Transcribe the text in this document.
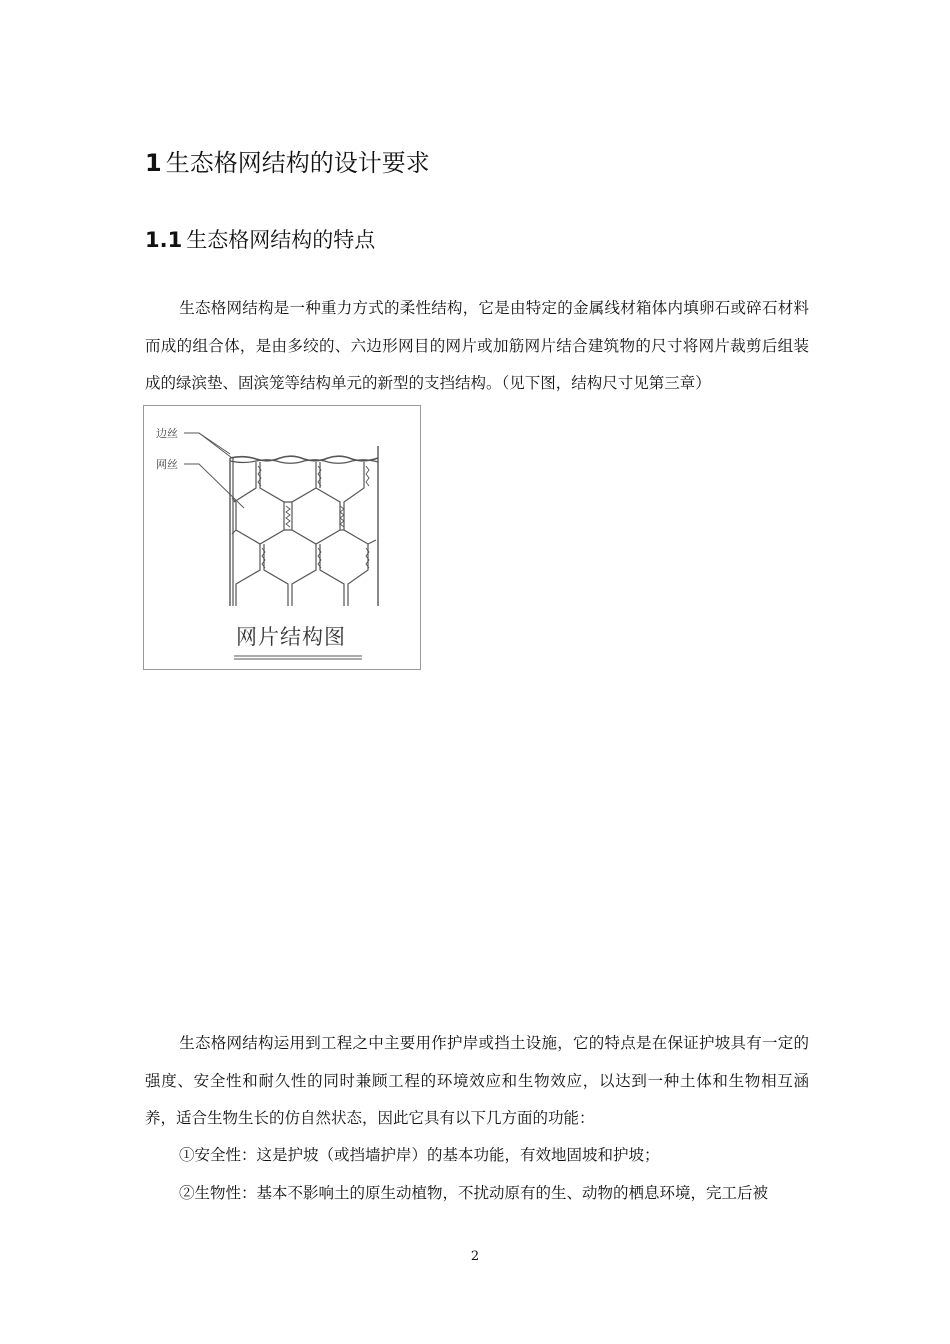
1 生态格网结构的设计要求
1.1 生态格网结构的特点
生态格网结构是一种重力方式的柔性结构，它是由特定的金属线材箱体内填卵石或碎石材料而成的组合体，是由多绞的、六边形网目的网片或加筋网片结合建筑物的尺寸将网片裁剪后组装成的绿滨垫、固滨笼等结构单元的新型的支挡结构。（见下图，结构尺寸见第三章）
边丝
网丝
网片结构图
生态格网结构运用到工程之中主要用作护岸或挡土设施，它的特点是在保证护坡具有一定的强度、安全性和耐久性的同时兼顾工程的环境效应和生物效应，以达到一种土体和生物相互涵养，适合生物生长的仿自然状态，因此它具有以下几方面的功能：
①安全性：这是护坡（或挡墙护岸）的基本功能，有效地固坡和护坡；
②生物性：基本不影响土的原生动植物，不扰动原有的生、动物的栖息环境，完工后被
2
